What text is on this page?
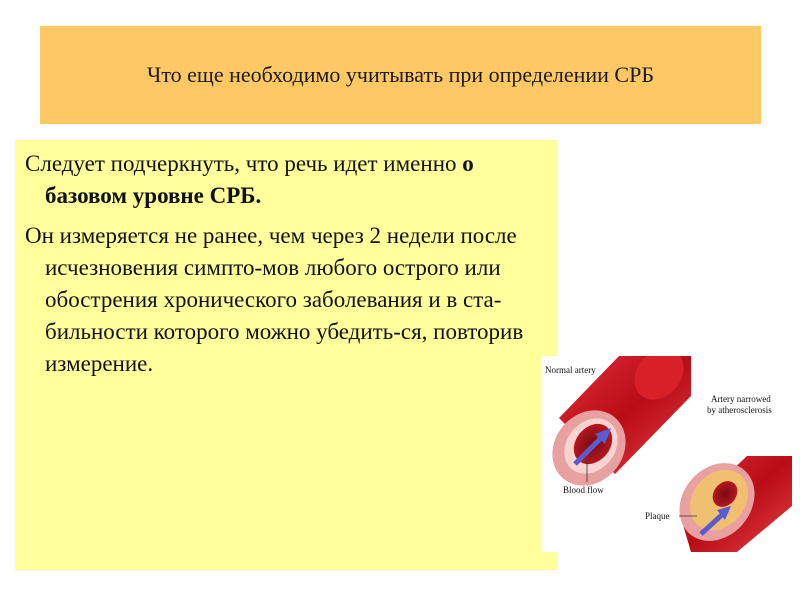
Что еще необходимо учитывать при определении СРБ

Следует подчеркнуть, что речь идет именно о базовом уровне СРБ.

Он измеряется не ранее, чем через 2 недели после исчезновения симпто-мов любого острого или обострения хронического заболевания и в ста-бильности которого можно убедить-ся, повторив измерение.	Normal artery
Artery narrowed
by atherosclerosis
Blood flow
Plaque
